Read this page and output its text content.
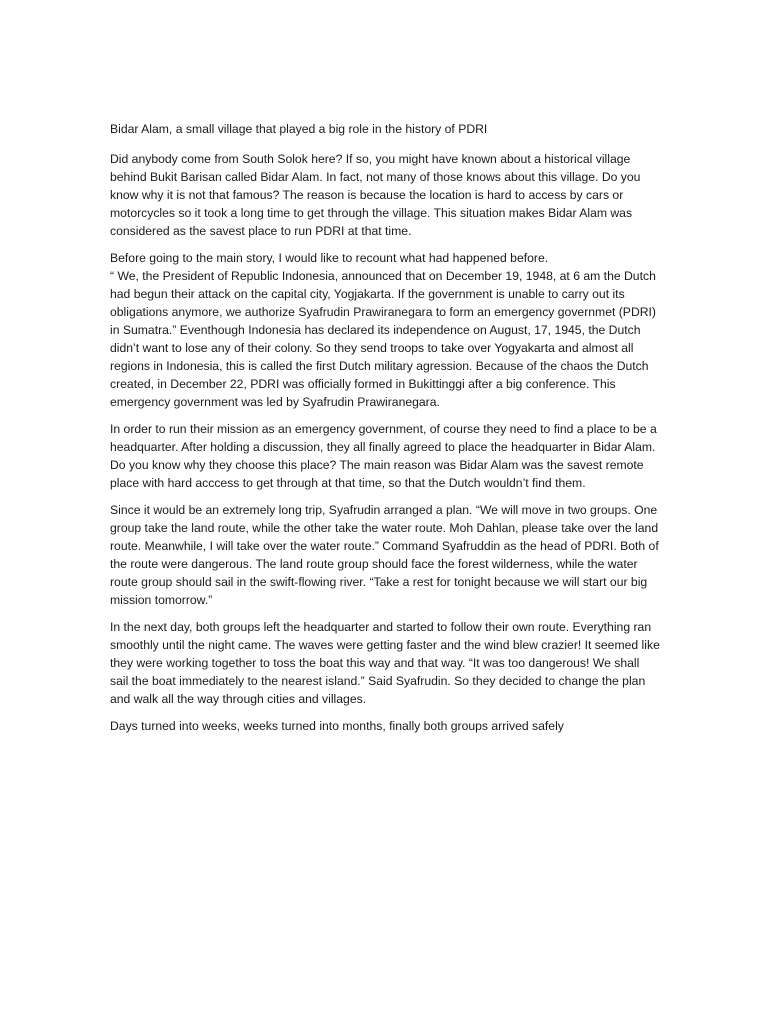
Bidar Alam, a small village that played a big role in the history of PDRI

Did anybody come from South Solok here? If so, you might have known about a historical village behind Bukit Barisan called Bidar Alam. In fact, not many of those knows about this village. Do you know why it is not that famous? The reason is because the location is hard to access by cars or motorcycles so it took a long time to get through the village. This situation makes Bidar Alam was considered as the savest place to run PDRI at that time.

Before going to the main story, I would like to recount what had happened before.

“ We, the President of Republic Indonesia, announced that on December 19, 1948, at 6 am the Dutch had begun their attack on the capital city, Yogjakarta. If the government is unable to carry out its obligations anymore, we authorize Syafrudin Prawiranegara to form an emergency governmet (PDRI) in Sumatra.” Eventhough Indonesia has declared its independence on August, 17, 1945, the Dutch didn’t want to lose any of their colony. So they send troops to take over Yogyakarta and almost all regions in Indonesia, this is called the first Dutch military agression. Because of the chaos the Dutch created, in December 22, PDRI was officially formed in Bukittinggi after a big conference. This emergency government was led by Syafrudin Prawiranegara.

In order to run their mission as an emergency government, of course they need to find a place to be a headquarter. After holding a discussion, they all finally agreed to place the headquarter in Bidar Alam. Do you know why they choose this place? The main reason was Bidar Alam was the savest remote place with hard acccess to get through at that time, so that the Dutch wouldn’t find them.

Since it would be an extremely long trip, Syafrudin arranged a plan. “We will move in two groups. One group take the land route, while the other take the water route. Moh Dahlan, please take over the land route. Meanwhile, I will take over the water route.” Command Syafruddin as the head of PDRI. Both of the route were dangerous. The land route group should face the forest wilderness, while the water route group should sail in the swift-flowing river. “Take a rest for tonight because we will start our big mission tomorrow.”

In the next day, both groups left the headquarter and started to follow their own route. Everything ran smoothly until the night came. The waves were getting faster and the wind blew crazier! It seemed like they were working together to toss the boat this way and that way. “It was too dangerous! We shall sail the boat immediately to the nearest island.” Said Syafrudin. So they decided to change the plan and walk all the way through cities and villages.

Days turned into weeks, weeks turned into months, finally both groups arrived safely
